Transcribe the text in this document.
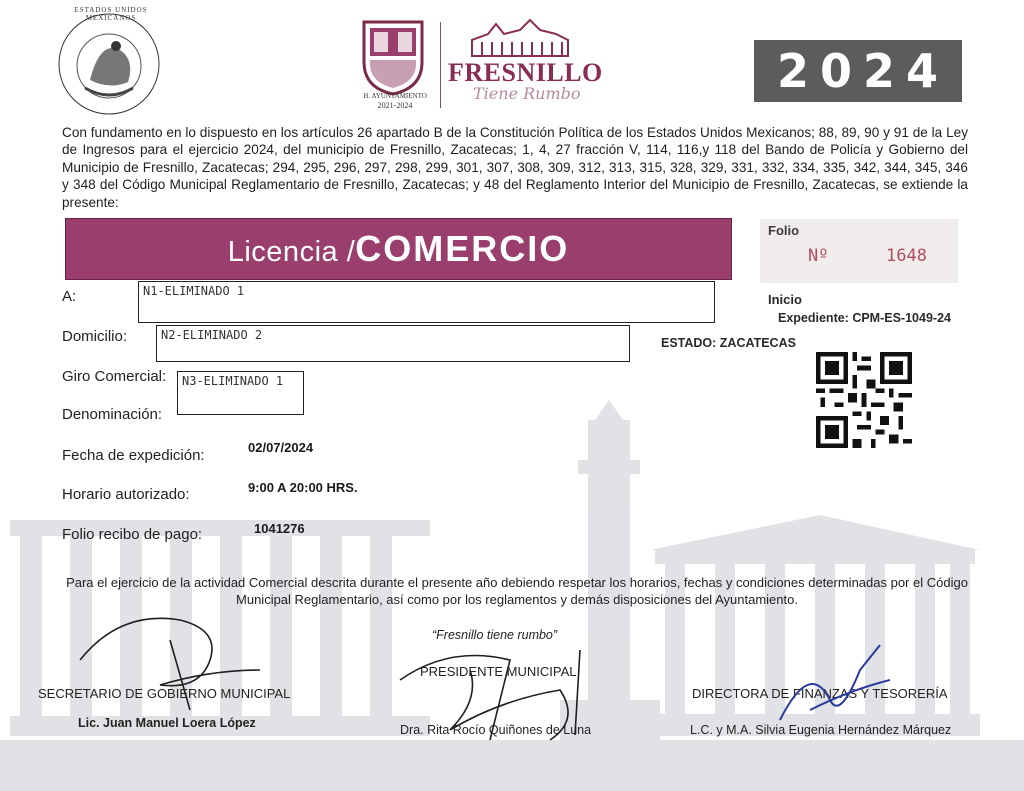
ESTADOS UNIDOS MEXICANOS
H. AYUNTAMIENTO
2021-2024
FRESNILLO
Tiene Rumbo	2024
Con fundamento en lo dispuesto en los artículos 26 apartado B de la Constitución Política de los Estados Unidos Mexicanos; 88, 89, 90 y 91 de la Ley de Ingresos para el ejercicio 2024, del municipio de Fresnillo, Zacatecas; 1, 4, 27 fracción V, 114, 116,y 118 del Bando de Policía y Gobierno del Municipio de Fresnillo, Zacatecas; 294, 295, 296, 297, 298, 299, 301, 307, 308, 309, 312, 313, 315, 328, 329, 331, 332, 334, 335, 342, 344, 345, 346 y 348 del Código Municipal Reglamentario de Fresnillo, Zacatecas; y 48 del Reglamento Interior del Municipio de Fresnillo, Zacatecas, se extiende la presente:
Licencia /COMERCIO	Folio
Nº	1648
A:	N1-ELIMINADO 1
Domicilio:	N2-ELIMINADO 2
Giro Comercial:	N3-ELIMINADO 1
Denominación:
Fecha de expedición:	02/07/2024
Horario autorizado:	9:00 A 20:00 HRS.
Folio recibo de pago:	1041276
Inicio
Expediente: CPM-ES-1049-24
ESTADO: ZACATECAS
Para el ejercicio de la actividad Comercial descrita durante el presente año debiendo respetar los horarios, fechas y condiciones determinadas por el Código Municipal Reglamentario, así como por los reglamentos y demás disposiciones del Ayuntamiento.
“Fresnillo tiene rumbo”
SECRETARIO DE GOBIERNO MUNICIPAL
Lic. Juan Manuel Loera López
PRESIDENTE MUNICIPAL
Dra. Rita Rocío Quiñones de Luna
DIRECTORA DE FINANZAS Y TESORERÍA
L.C. y M.A. Silvia Eugenia Hernández Márquez
